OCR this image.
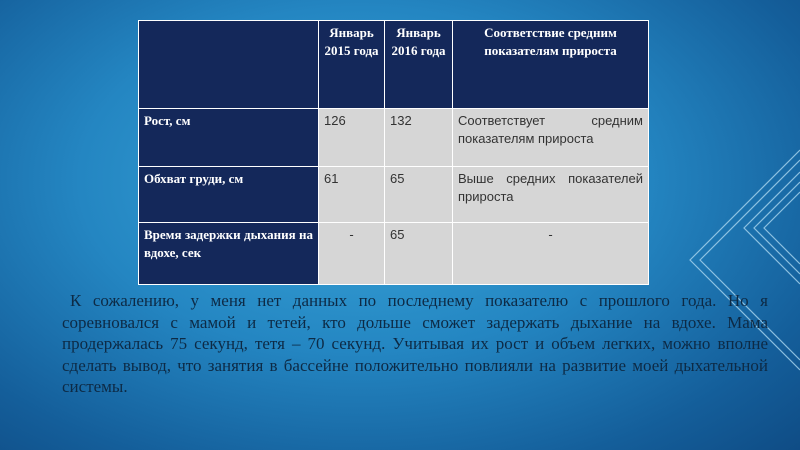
	Январь 2015 года	Январь 2016 года	Соответствие средним показателям прироста
Рост, см	126	132	Соответствует средним показателям прироста
Обхват груди, см	61	65	Выше средних показателей прироста
Время задержки дыхания на вдохе, сек	-	65	-

К сожалению, у меня нет данных по последнему показателю с прошлого года. Но я соревновался с мамой и тетей, кто дольше сможет задержать дыхание на вдохе. Мама продержалась 75 секунд, тетя – 70 секунд. Учитывая их рост и объем легких, можно вполне сделать вывод, что занятия в бассейне положительно повлияли на развитие моей дыхательной системы.
